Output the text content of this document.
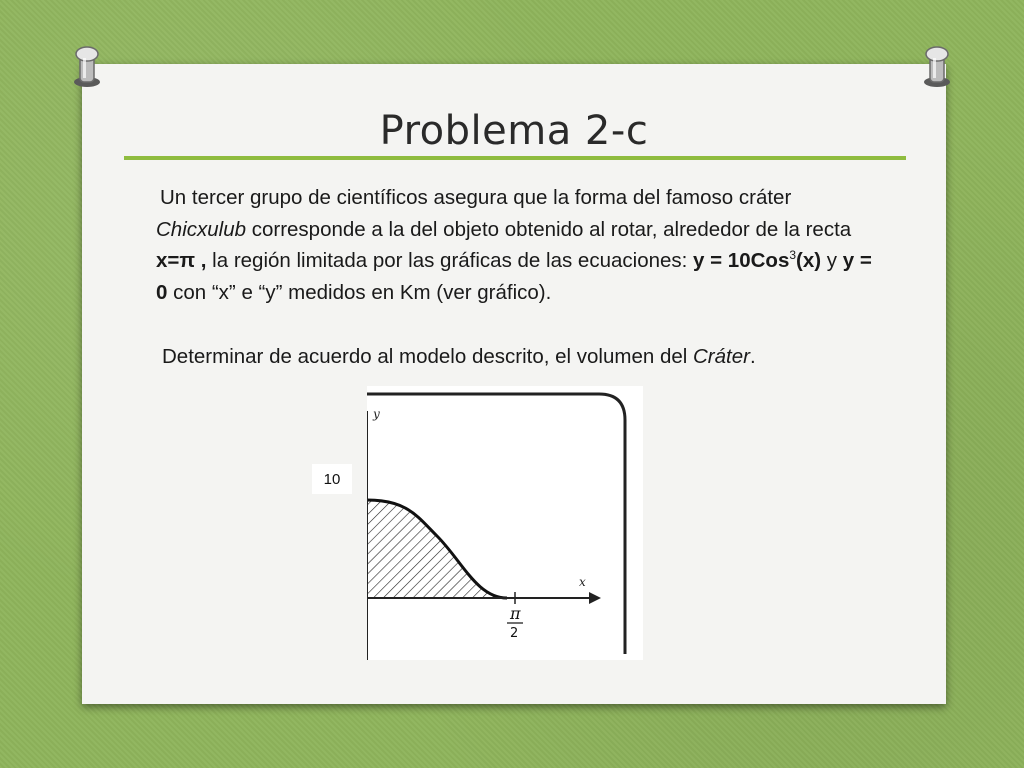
Problema 2-c
Un tercer grupo de científicos asegura que la forma del famoso cráter Chicxulub corresponde a la del objeto obtenido al rotar, alrededor de la recta x=π , la región limitada por las gráficas de las ecuaciones: y = 10Cos$^3$(x) y y = 0 con “x” e “y” medidos en Km (ver gráfico).
Determinar de acuerdo al modelo descrito, el volumen del Cráter.
10
y
x
π
2
